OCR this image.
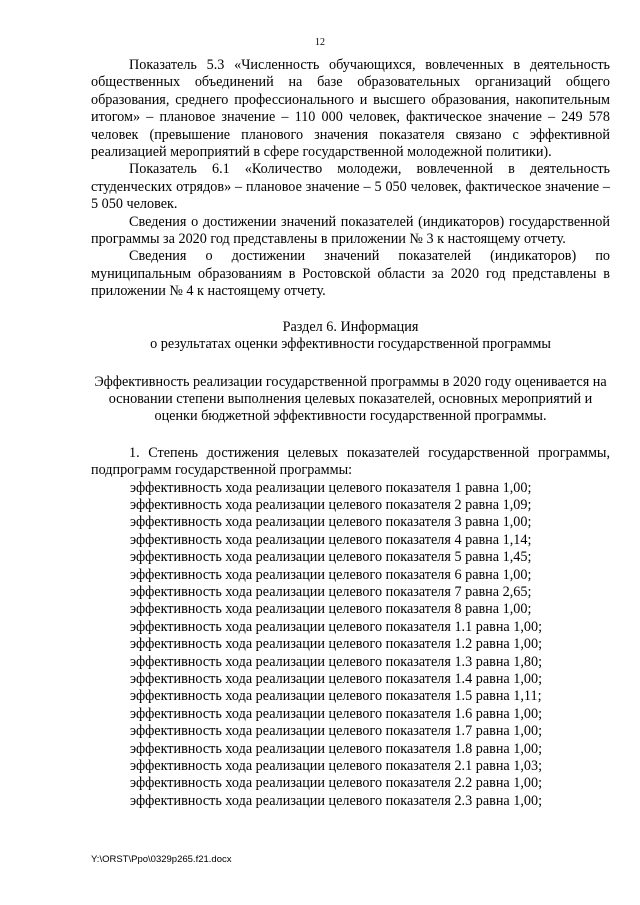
12

Показатель 5.3 «Численность обучающихся, вовлеченных в деятельность общественных объединений на базе образовательных организаций общего образования, среднего профессионального и высшего образования, накопительным итогом» – плановое значение – 110 000 человек, фактическое значение – 249 578 человек (превышение планового значения показателя связано с эффективной реализацией мероприятий в сфере государственной молодежной политики).

Показатель 6.1 «Количество молодежи, вовлеченной в деятельность студенческих отрядов» – плановое значение – 5 050 человек, фактическое значение – 5 050 человек.

Сведения о достижении значений показателей (индикаторов) государственной программы за 2020 год представлены в приложении № 3 к настоящему отчету.

Сведения о достижении значений показателей (индикаторов) по муниципальным образованиям в Ростовской области за 2020 год представлены в приложении № 4 к настоящему отчету.

Раздел 6. Информация
о результатах оценки эффективности государственной программы

Эффективность реализации государственной программы в 2020 году оценивается на основании степени выполнения целевых показателей, основных мероприятий и оценки бюджетной эффективности государственной программы.

1. Степень достижения целевых показателей государственной программы, подпрограмм государственной программы:

эффективность хода реализации целевого показателя 1 равна 1,00;
эффективность хода реализации целевого показателя 2 равна 1,09;
эффективность хода реализации целевого показателя 3 равна 1,00;
эффективность хода реализации целевого показателя 4 равна 1,14;
эффективность хода реализации целевого показателя 5 равна 1,45;
эффективность хода реализации целевого показателя 6 равна 1,00;
эффективность хода реализации целевого показателя 7 равна 2,65;
эффективность хода реализации целевого показателя 8 равна 1,00;
эффективность хода реализации целевого показателя 1.1 равна 1,00;
эффективность хода реализации целевого показателя 1.2 равна 1,00;
эффективность хода реализации целевого показателя 1.3 равна 1,80;
эффективность хода реализации целевого показателя 1.4 равна 1,00;
эффективность хода реализации целевого показателя 1.5 равна 1,11;
эффективность хода реализации целевого показателя 1.6 равна 1,00;
эффективность хода реализации целевого показателя 1.7 равна 1,00;
эффективность хода реализации целевого показателя 1.8 равна 1,00;
эффективность хода реализации целевого показателя 2.1 равна 1,03;
эффективность хода реализации целевого показателя 2.2 равна 1,00;
эффективность хода реализации целевого показателя 2.3 равна 1,00;
Y:\ORST\Ppo\0329p265.f21.docx
